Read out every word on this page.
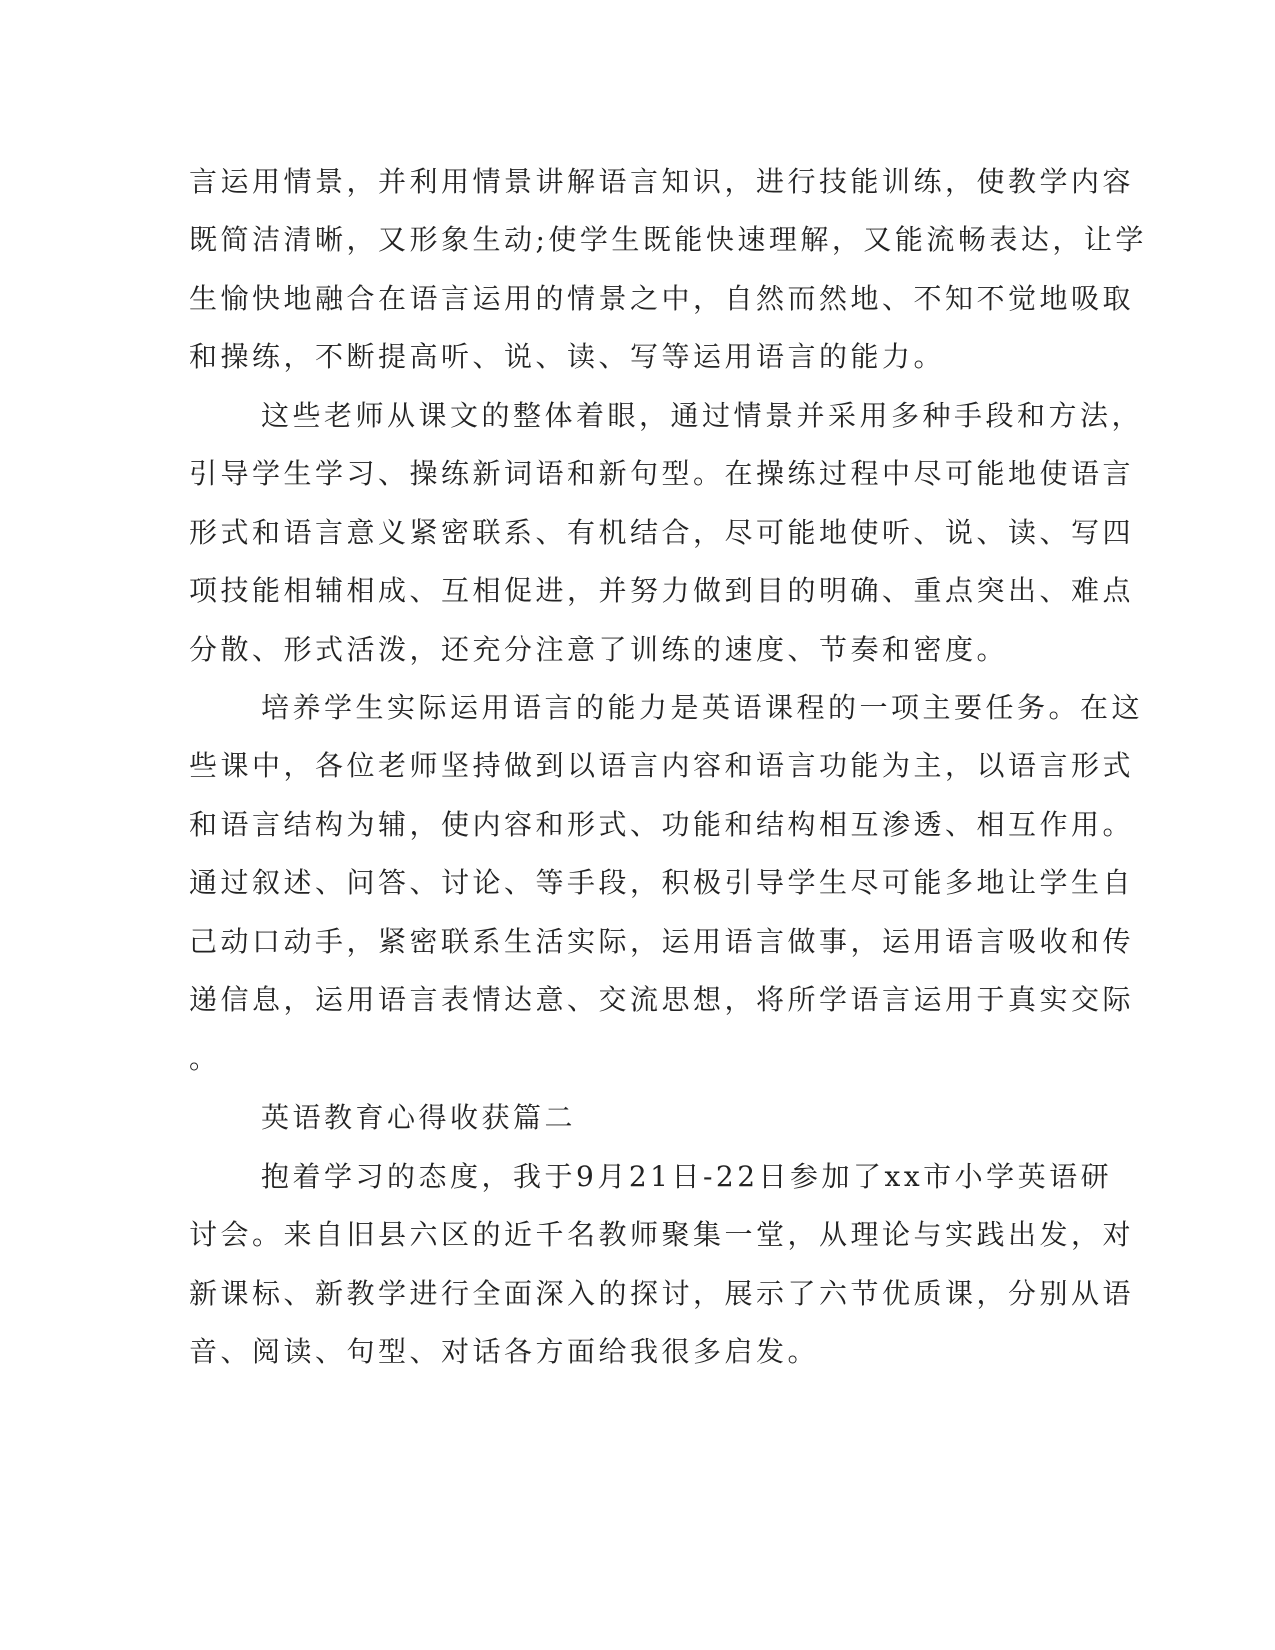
言运用情景，并利用情景讲解语言知识，进行技能训练，使教学内容
既简洁清晰，又形象生动;使学生既能快速理解，又能流畅表达，让学
生愉快地融合在语言运用的情景之中，自然而然地、不知不觉地吸取
和操练，不断提高听、说、读、写等运用语言的能力。
这些老师从课文的整体着眼，通过情景并采用多种手段和方法，
引导学生学习、操练新词语和新句型。在操练过程中尽可能地使语言
形式和语言意义紧密联系、有机结合，尽可能地使听、说、读、写四
项技能相辅相成、互相促进，并努力做到目的明确、重点突出、难点
分散、形式活泼，还充分注意了训练的速度、节奏和密度。
培养学生实际运用语言的能力是英语课程的一项主要任务。在这
些课中，各位老师坚持做到以语言内容和语言功能为主，以语言形式
和语言结构为辅，使内容和形式、功能和结构相互渗透、相互作用。
通过叙述、问答、讨论、等手段，积极引导学生尽可能多地让学生自
己动口动手，紧密联系生活实际，运用语言做事，运用语言吸收和传
递信息，运用语言表情达意、交流思想，将所学语言运用于真实交际
。
英语教育心得收获篇二
抱着学习的态度，我于9月21日-22日参加了xx市小学英语研
讨会。来自旧县六区的近千名教师聚集一堂，从理论与实践出发，对
新课标、新教学进行全面深入的探讨，展示了六节优质课，分别从语
音、阅读、句型、对话各方面给我很多启发。
